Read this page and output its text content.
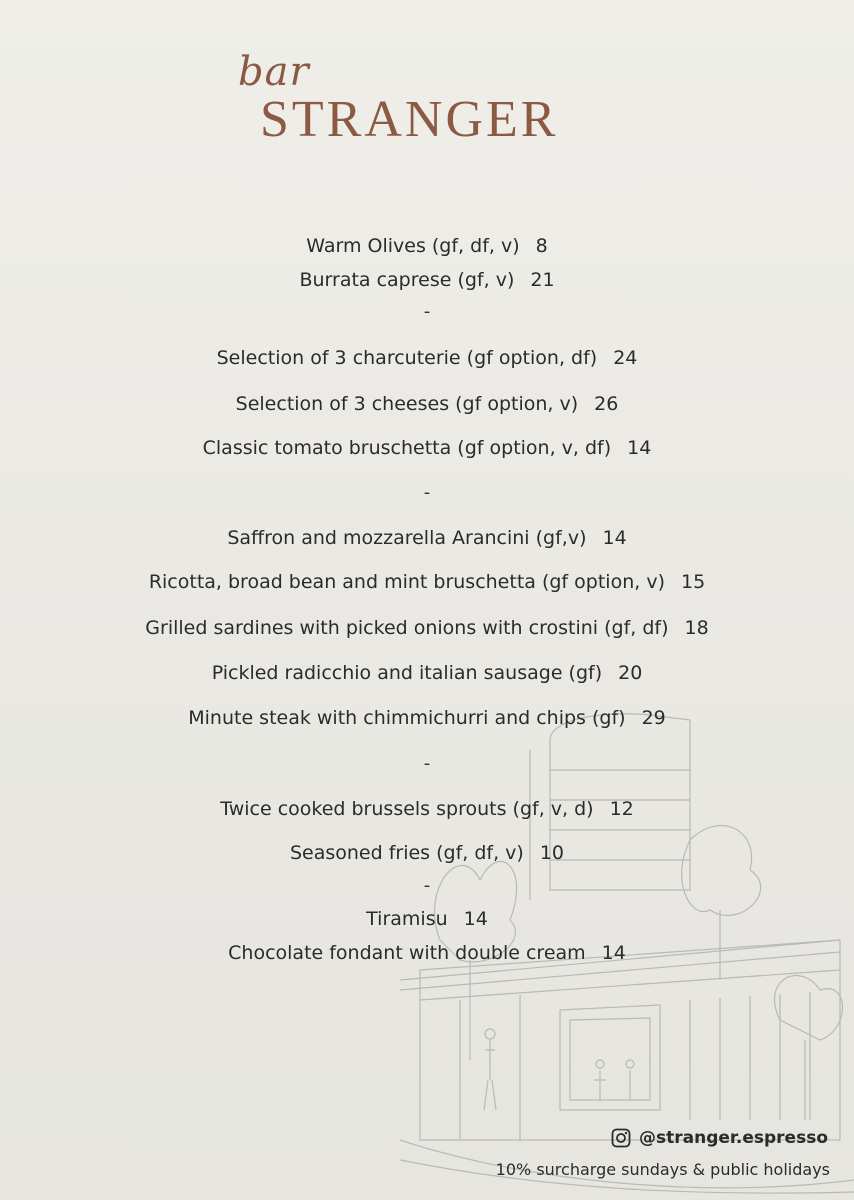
bar
STRANGER
Warm Olives (gf, df, v) 8
Burrata caprese (gf, v) 21
-
Selection of 3 charcuterie (gf option, df) 24
Selection of 3 cheeses (gf option, v) 26
Classic tomato bruschetta (gf option, v, df) 14
-
Saffron and mozzarella Arancini (gf,v) 14
Ricotta, broad bean and mint bruschetta (gf option, v) 15
Grilled sardines with picked onions with crostini (gf, df) 18
Pickled radicchio and italian sausage (gf) 20
Minute steak with chimmichurri and chips (gf) 29
-
Twice cooked brussels sprouts (gf, v, d) 12
Seasoned fries (gf, df, v) 10
-
Tiramisu 14
Chocolate fondant with double cream 14
@stranger.espresso
10% surcharge sundays & public holidays
